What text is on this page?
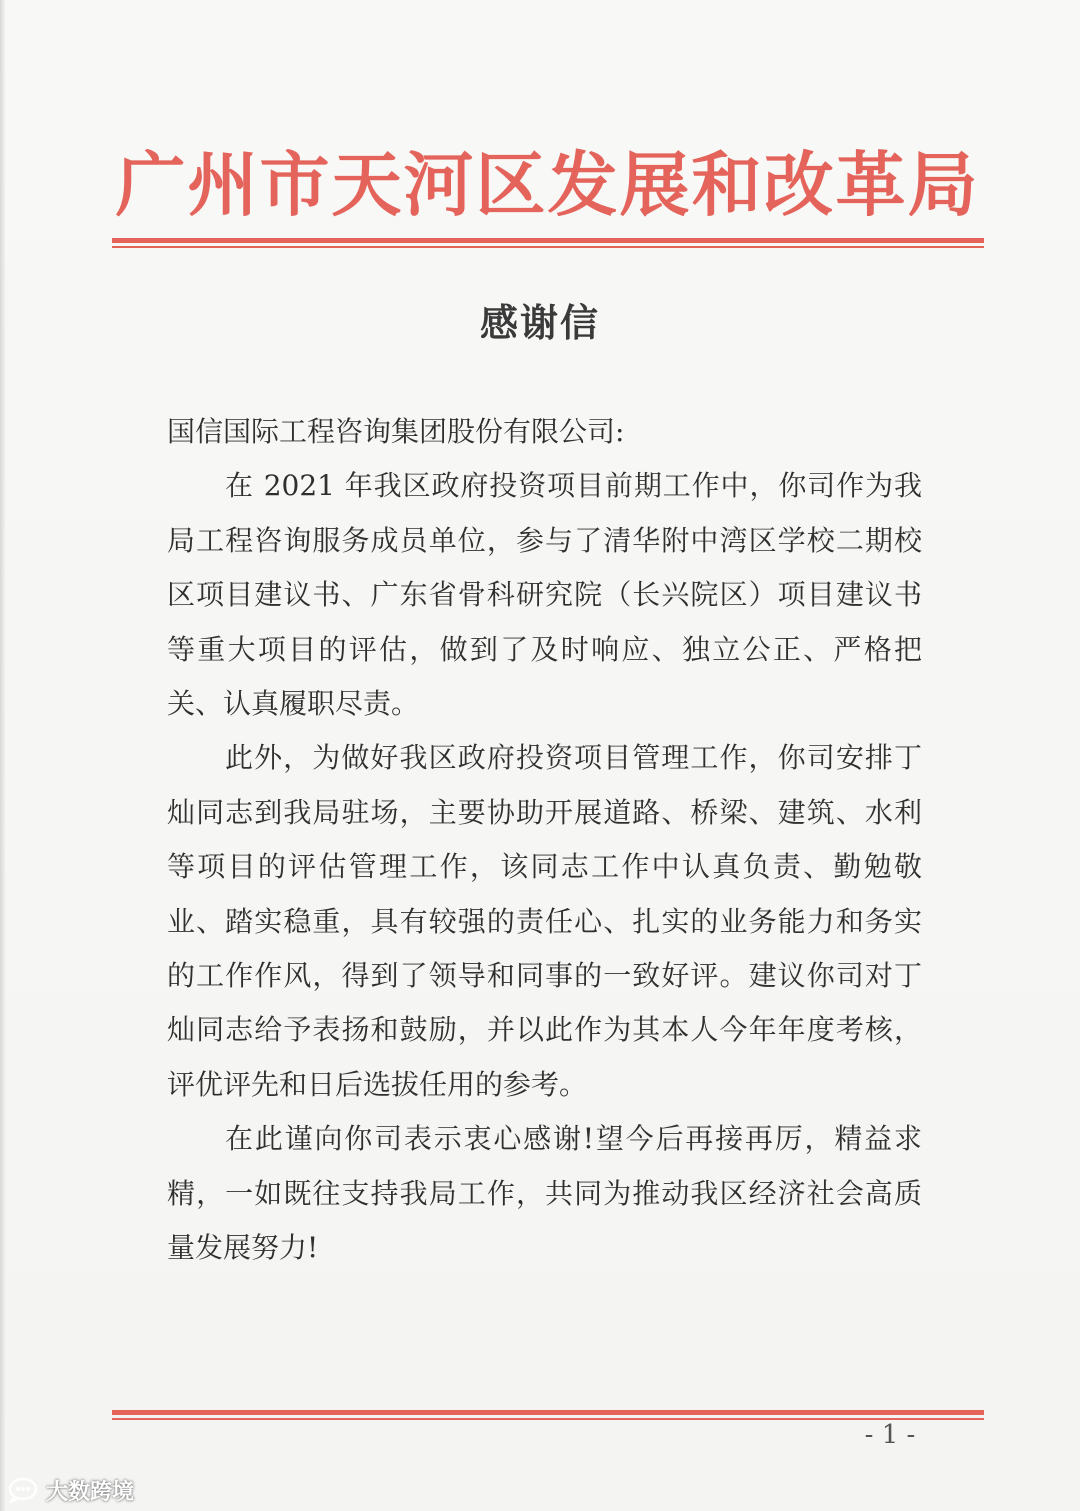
广州市天河区发展和改革局
感谢信

国信国际工程咨询集团股份有限公司:

在 2021 年我区政府投资项目前期工作中，你司作为我局工程咨询服务成员单位，参与了清华附中湾区学校二期校区项目建议书、广东省骨科研究院（长兴院区）项目建议书等重大项目的评估，做到了及时响应、独立公正、严格把关、认真履职尽责。

此外，为做好我区政府投资项目管理工作，你司安排丁灿同志到我局驻场，主要协助开展道路、桥梁、建筑、水利等项目的评估管理工作，该同志工作中认真负责、勤勉敬业、踏实稳重，具有较强的责任心、扎实的业务能力和务实的工作作风，得到了领导和同事的一致好评。建议你司对丁灿同志给予表扬和鼓励，并以此作为其本人今年年度考核，评优评先和日后选拔任用的参考。

在此谨向你司表示衷心感谢!望今后再接再厉，精益求精，一如既往支持我局工作，共同为推动我区经济社会高质量发展努力!

- 1 -
大数跨境
